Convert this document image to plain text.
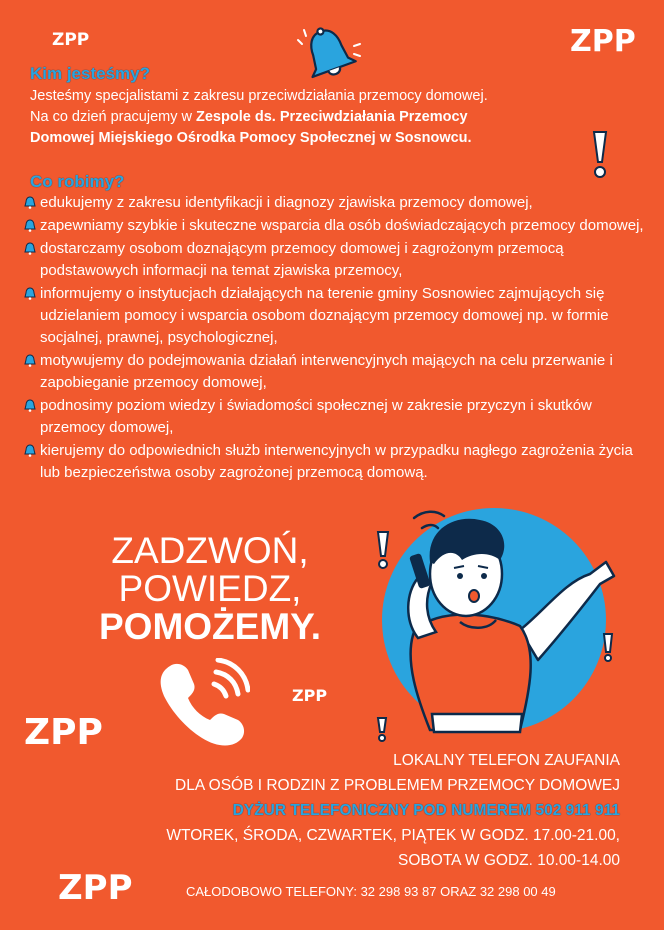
ZPP	ZPP
Kim jesteśmy?
Jesteśmy specjalistami z zakresu przeciwdziałania przemocy domowej.
Na co dzień pracujemy w Zespole ds. Przeciwdziałania Przemocy
Domowej Miejskiego Ośrodka Pomocy Społecznej w Sosnowcu.
Co robimy?
edukujemy z zakresu identyfikacji i diagnozy zjawiska przemocy domowej,
zapewniamy szybkie i skuteczne wsparcia dla osób doświadczających przemocy domowej,
dostarczamy osobom doznającym przemocy domowej i zagrożonym przemocą podstawowych informacji na temat zjawiska przemocy,
informujemy o instytucjach działających na terenie gminy Sosnowiec zajmujących się udzielaniem pomocy i wsparcia osobom doznającym przemocy domowej np. w formie socjalnej, prawnej, psychologicznej,
motywujemy do podejmowania działań interwencyjnych mających na celu przerwanie i zapobieganie przemocy domowej,
podnosimy poziom wiedzy i świadomości społecznej w zakresie przyczyn i skutków przemocy domowej,
kierujemy do odpowiednich służb interwencyjnych w przypadku nagłego zagrożenia życia lub bezpieczeństwa osoby zagrożonej przemocą domową.
ZADZWOŃ,
POWIEDZ,
POMOŻEMY.
ZPP
ZPP
LOKALNY TELEFON ZAUFANIA
DLA OSÓB I RODZIN Z PROBLEMEM PRZEMOCY DOMOWEJ
DYŻUR TELEFONICZNY POD NUMEREM 502 911 911
WTOREK, ŚRODA, CZWARTEK, PIĄTEK W GODZ. 17.00-21.00,
SOBOTA W GODZ. 10.00-14.00
ZPP	CAŁODOBOWO TELEFONY: 32 298 93 87 ORAZ 32 298 00 49
